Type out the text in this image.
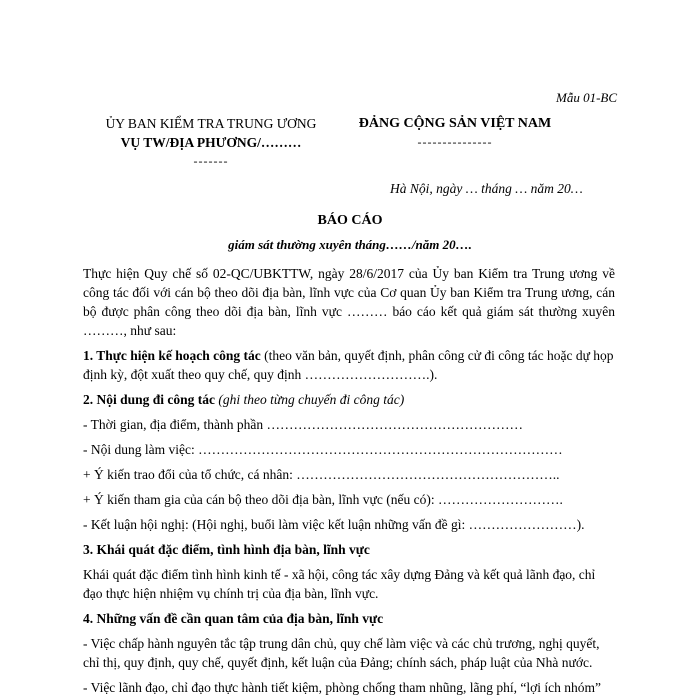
Mẫu 01-BC
ỦY BAN KIỂM TRA TRUNG ƯƠNG
VỤ TW/ĐỊA PHƯƠNG/………
-------
ĐẢNG CỘNG SẢN VIỆT NAM
---------------
Hà Nội, ngày … tháng … năm 20…
BÁO CÁO
giám sát thường xuyên tháng……/năm 20….

Thực hiện Quy chế số 02-QC/UBKTTW, ngày 28/6/2017 của Ủy ban Kiểm tra Trung ương về công tác đối với cán bộ theo dõi địa bàn, lĩnh vực của Cơ quan Ủy ban Kiểm tra Trung ương, cán bộ được phân công theo dõi địa bàn, lĩnh vực ……… báo cáo kết quả giám sát thường xuyên ………, như sau:

1. Thực hiện kế hoạch công tác (theo văn bản, quyết định, phân công cử đi công tác hoặc dự họp định kỳ, đột xuất theo quy chế, quy định ……………………….).

2. Nội dung đi công tác (ghi theo từng chuyến đi công tác)

- Thời gian, địa điểm, thành phần …………………………………………………

- Nội dung làm việc: ………………………………………………………………………

+ Ý kiến trao đổi của tổ chức, cá nhân: …………………………………………………..

+ Ý kiến tham gia của cán bộ theo dõi địa bàn, lĩnh vực (nếu có): ……………………….

- Kết luận hội nghị: (Hội nghị, buổi làm việc kết luận những vấn đề gì: ……………………).

3. Khái quát đặc điểm, tình hình địa bàn, lĩnh vực

Khái quát đặc điểm tình hình kinh tế - xã hội, công tác xây dựng Đảng và kết quả lãnh đạo, chỉ đạo thực hiện nhiệm vụ chính trị của địa bàn, lĩnh vực.

4. Những vấn đề cần quan tâm của địa bàn, lĩnh vực

- Việc chấp hành nguyên tắc tập trung dân chủ, quy chế làm việc và các chủ trương, nghị quyết, chỉ thị, quy định, quy chế, quyết định, kết luận của Đảng; chính sách, pháp luật của Nhà nước.

- Việc lãnh đạo, chỉ đạo thực hành tiết kiệm, phòng chống tham nhũng, lãng phí, “lợi ích nhóm”
